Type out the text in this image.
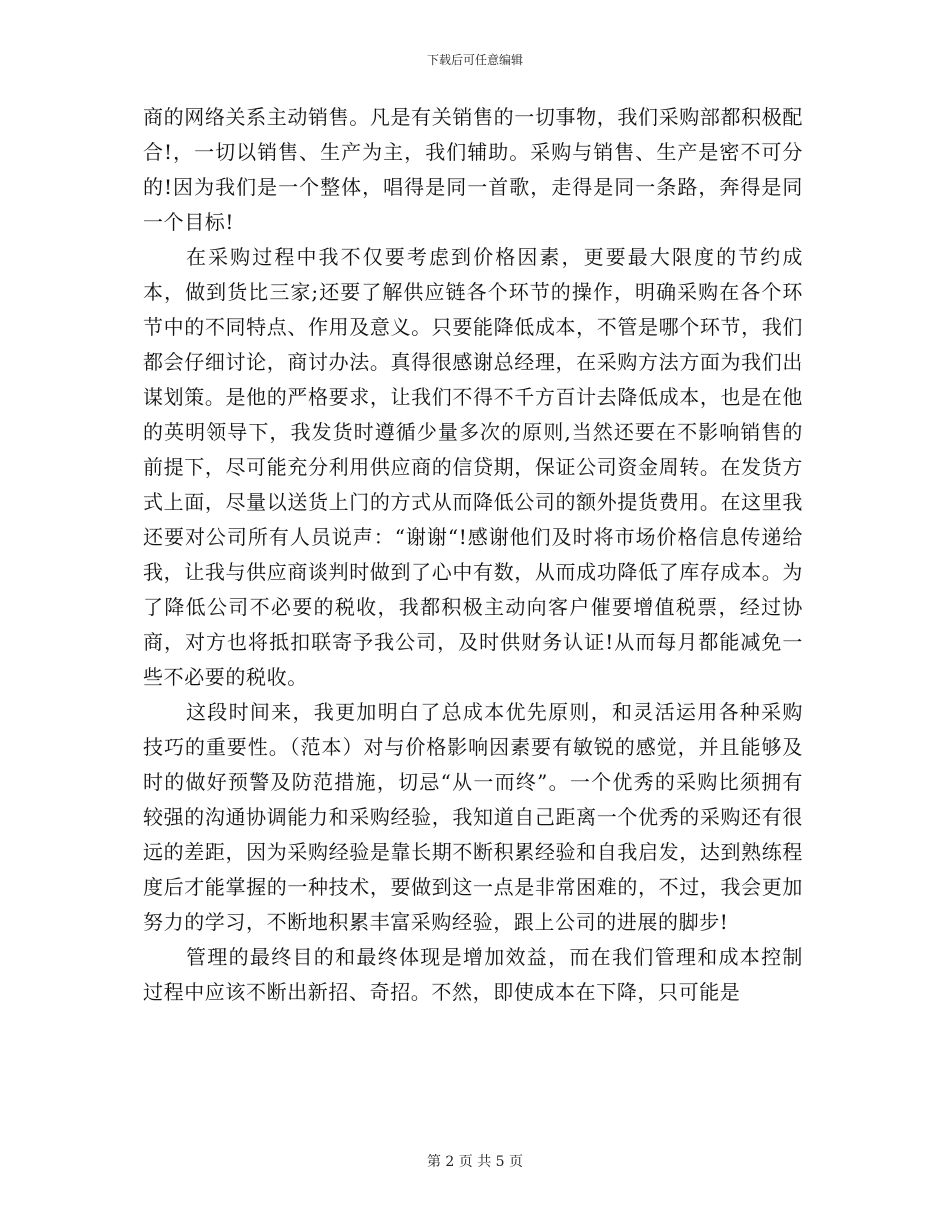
下载后可任意编辑

商的网络关系主动销售。凡是有关销售的一切事物，我们采购部都积极配合!，一切以销售、生产为主，我们辅助。采购与销售、生产是密不可分的!因为我们是一个整体，唱得是同一首歌，走得是同一条路，奔得是同一个目标!

在采购过程中我不仅要考虑到价格因素，更要最大限度的节约成本，做到货比三家;还要了解供应链各个环节的操作，明确采购在各个环节中的不同特点、作用及意义。只要能降低成本，不管是哪个环节，我们都会仔细讨论，商讨办法。真得很感谢总经理，在采购方法方面为我们出谋划策。是他的严格要求，让我们不得不千方百计去降低成本，也是在他的英明领导下，我发货时遵循少量多次的原则,当然还要在不影响销售的前提下，尽可能充分利用供应商的信贷期，保证公司资金周转。在发货方式上面，尽量以送货上门的方式从而降低公司的额外提货费用。在这里我还要对公司所有人员说声：“谢谢“!感谢他们及时将市场价格信息传递给我，让我与供应商谈判时做到了心中有数，从而成功降低了库存成本。为了降低公司不必要的税收，我都积极主动向客户催要增值税票，经过协商，对方也将抵扣联寄予我公司，及时供财务认证!从而每月都能减免一些不必要的税收。

这段时间来，我更加明白了总成本优先原则，和灵活运用各种采购技巧的重要性。（范本）对与价格影响因素要有敏锐的感觉，并且能够及时的做好预警及防范措施，切忌“从一而终”。一个优秀的采购比须拥有较强的沟通协调能力和采购经验，我知道自己距离一个优秀的采购还有很远的差距，因为采购经验是靠长期不断积累经验和自我启发，达到熟练程度后才能掌握的一种技术，要做到这一点是非常困难的，不过，我会更加努力的学习，不断地积累丰富采购经验，跟上公司的进展的脚步!

管理的最终目的和最终体现是增加效益，而在我们管理和成本控制过程中应该不断出新招、奇招。不然，即使成本在下降，只可能是

第 2 页 共 5 页
